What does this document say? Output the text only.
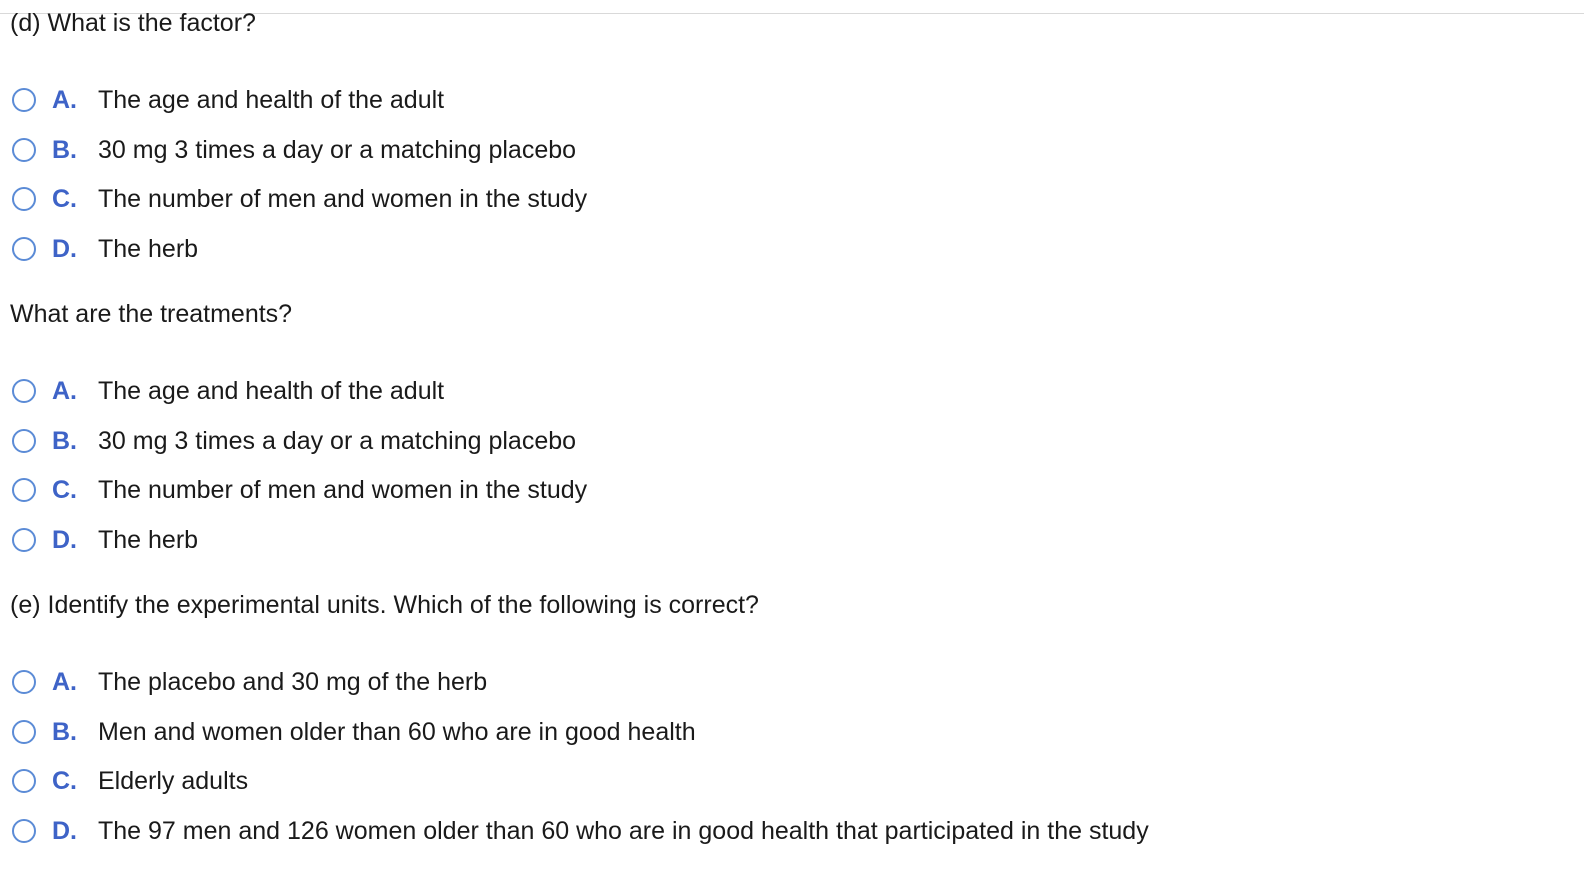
(d) What is the factor?
A. The age and health of the adult
B. 30 mg 3 times a day or a matching placebo
C. The number of men and women in the study
D. The herb
What are the treatments?
A. The age and health of the adult
B. 30 mg 3 times a day or a matching placebo
C. The number of men and women in the study
D. The herb
(e) Identify the experimental units. Which of the following is correct?
A. The placebo and 30 mg of the herb
B. Men and women older than 60 who are in good health
C. Elderly adults
D. The 97 men and 126 women older than 60 who are in good health that participated in the study
